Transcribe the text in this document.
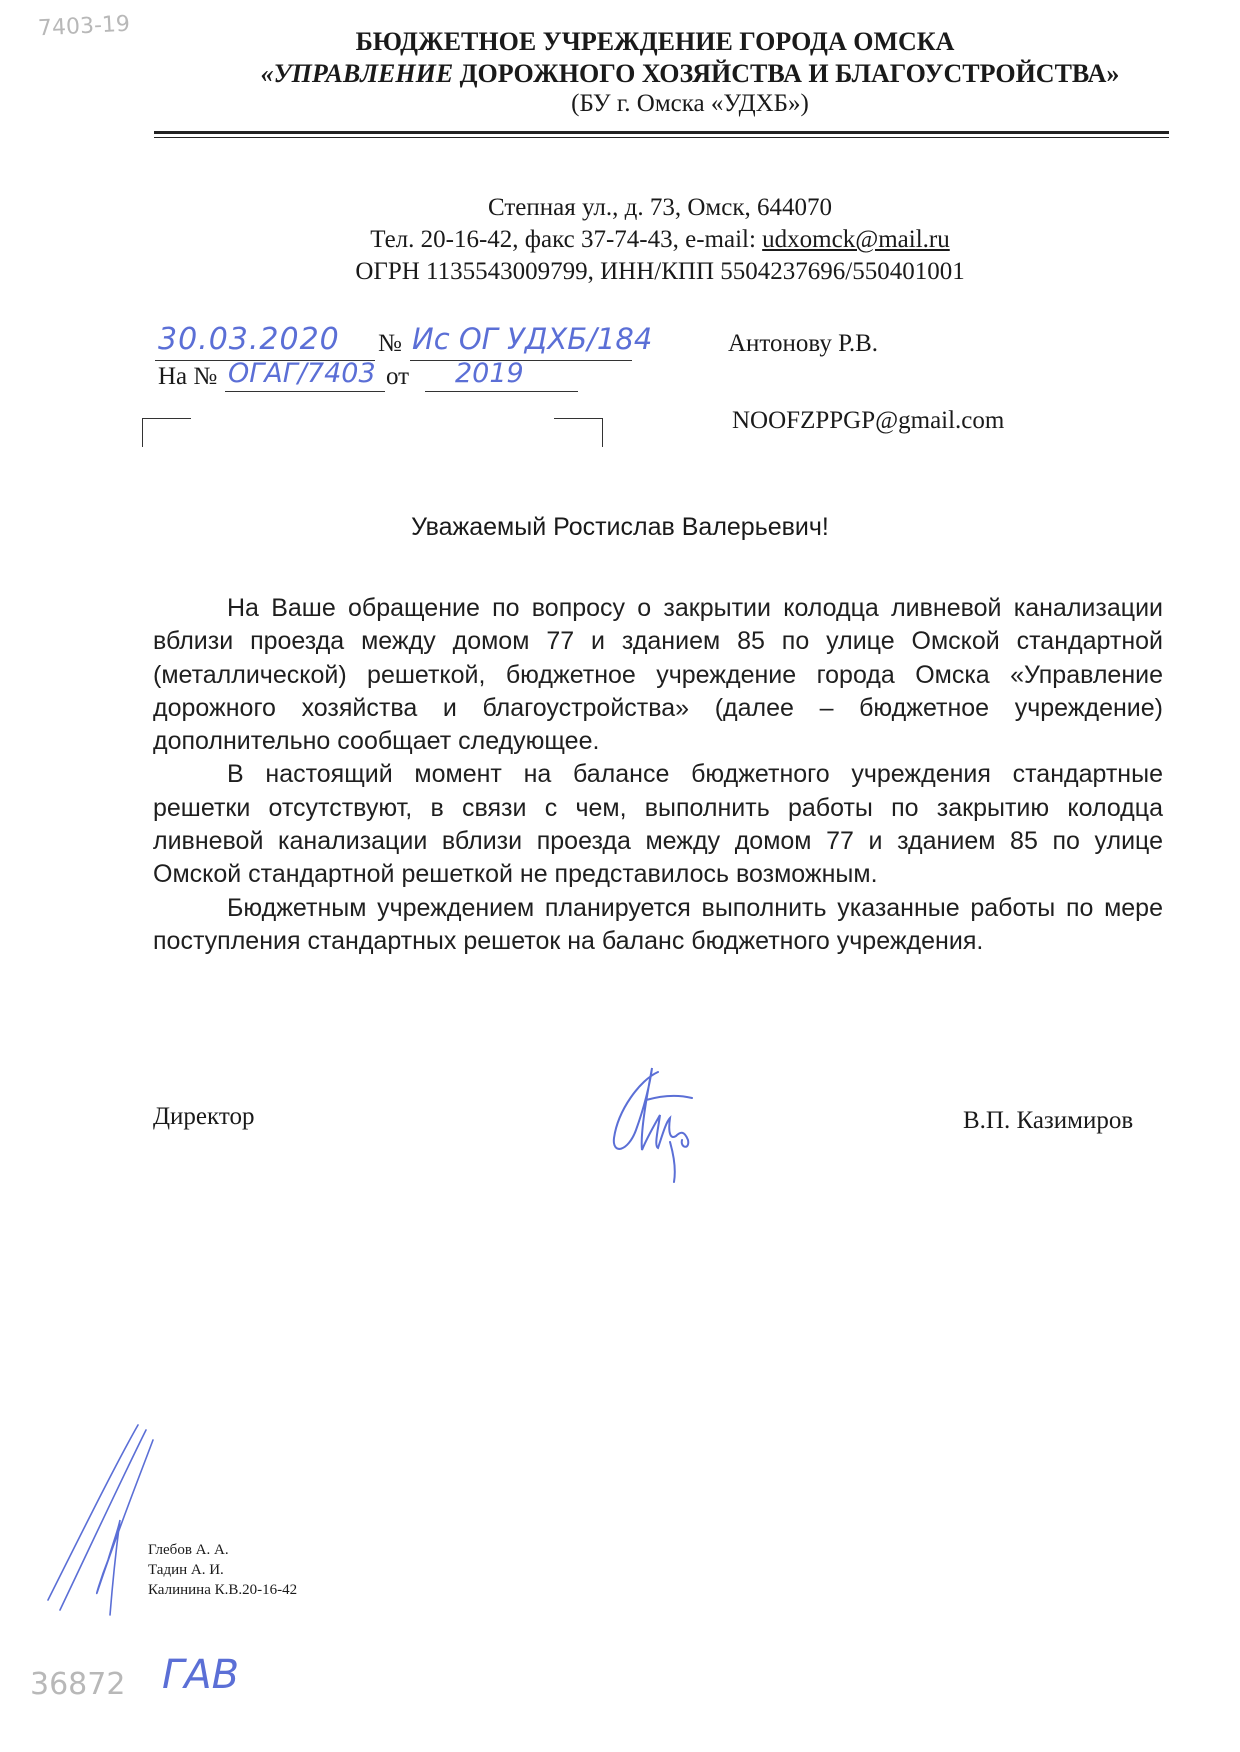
7403-19
БЮДЖЕТНОЕ УЧРЕЖДЕНИЕ ГОРОДА ОМСКА
«УПРАВЛЕНИЕ ДОРОЖНОГО ХОЗЯЙСТВА И БЛАГОУСТРОЙСТВА»
(БУ г. Омска «УДХБ»)
Степная ул., д. 73, Омск, 644070
Тел. 20-16-42, факс 37-74-43, e-mail: udxomck@mail.ru
ОГРН 1135543009799, ИНН/КПП 5504237696/550401001
30.03.2020 № Ис ОГ УДХБ/184
На № ОГАГ/7403 от 2019
Антонову Р.В.
NOOFZPPGP@gmail.com
Уважаемый Ростислав Валерьевич!

На Ваше обращение по вопросу о закрытии колодца ливневой канализации вблизи проезда между домом 77 и зданием 85 по улице Омской стандартной (металлической) решеткой, бюджетное учреждение города Омска «Управление дорожного хозяйства и благоустройства» (далее – бюджетное учреждение) дополнительно сообщает следующее.

В настоящий момент на балансе бюджетного учреждения стандартные решетки отсутствуют, в связи с чем, выполнить работы по закрытию колодца ливневой канализации вблизи проезда между домом 77 и зданием 85 по улице Омской стандартной решеткой не представилось возможным.

Бюджетным учреждением планируется выполнить указанные работы по мере поступления стандартных решеток на баланс бюджетного учреждения.

Директор	В.П. Казимиров
Глебов А. А.
Тадин А. И.
Калинина К.В.20-16-42
36872 ГАВ
